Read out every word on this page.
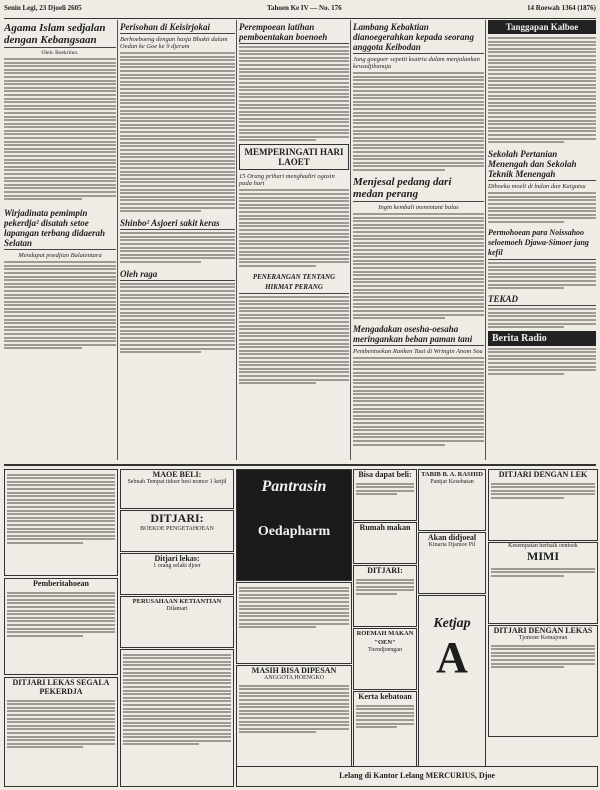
Senin Legi, 23 Djoeli 2605	Tahoen Ke IV — No. 176	14 Roewah 1364 (1876)
Agama Islam sedjalan dengan Kebangsaan
Oleh: Boekrimo.
Wirjadinata pemimpin pekerdja² disatah setoe lapangan terbang didaerah Selatan
Mendapat poedjian Balatentara
Perisohan di Keisirjokai
Berhoeboeng dengan hasja Bhakti dalam Oedan ke Goe ke 9 djeram
Shinbo² Asjoeri sakit keras
Oleh raga
Perempoean latihan pemboentakan boenoeh
MEMPERINGATI HARI LAOET
15 Orang prihari menghadiri ogasin pada hari
PENERANGAN TENTANG HIKMAT PERANG
Lambang Kebaktian dianoegerahkan kepada seorang anggota Keibodan
Jang goegoer sepetti ksatria dalam menjalankan kewadjibanuja
Menjesal pedang dari medan perang
Ingin kembali menentant balas
Mengadakan osesha-oesaha meringankan beban paman tani
Pembentoekan Ranken Taui di Wringin Anom Sou
Tanggapan Kalboe
Sekolah Pertanian Menengah dan Sekolah Teknik Menengah
Diboeka moeli di bulan dan Kaigatsu
Permohoean para Noissahoo seloemoeh Djawa-Simoer jang kefil
TEKAD
Berita Radio
Pemberitahoean
DITJARI LEKAS SEGALA PEKERDJA
MAOE BELI:
Sebuah Tempat tidoer besi nomor 1 ketjil
DITJARI:
BOEKOE PENGETAHOEAN
Ditjari lekas:
1 orang selaki djoer
PERUSAHAAN KETIANTIAN
Dilamari
Pantrasin
Oedapharm
MASIH BISA DIPESAN
ANGGOTA HOENGKO
Bisa dapat beli:
Rumah makan
DITJARI:
ROEMAH MAKAN "OEN"
Toendjoengan
Kerta kebatoan
TABIB B. A. RASHID
Pantjar Kesehatan
Akan didjoeal
Kinaria Djamoe Pil
Ketjap
A
DITJARI DENGAN LEK
Kesempatan berbaik oentoek
MIMI
DITJARI DENGAN LEKAS
Tjomoer Kemajoran
Lelang di Kantor Lelang MERCURIUS, Djoe
